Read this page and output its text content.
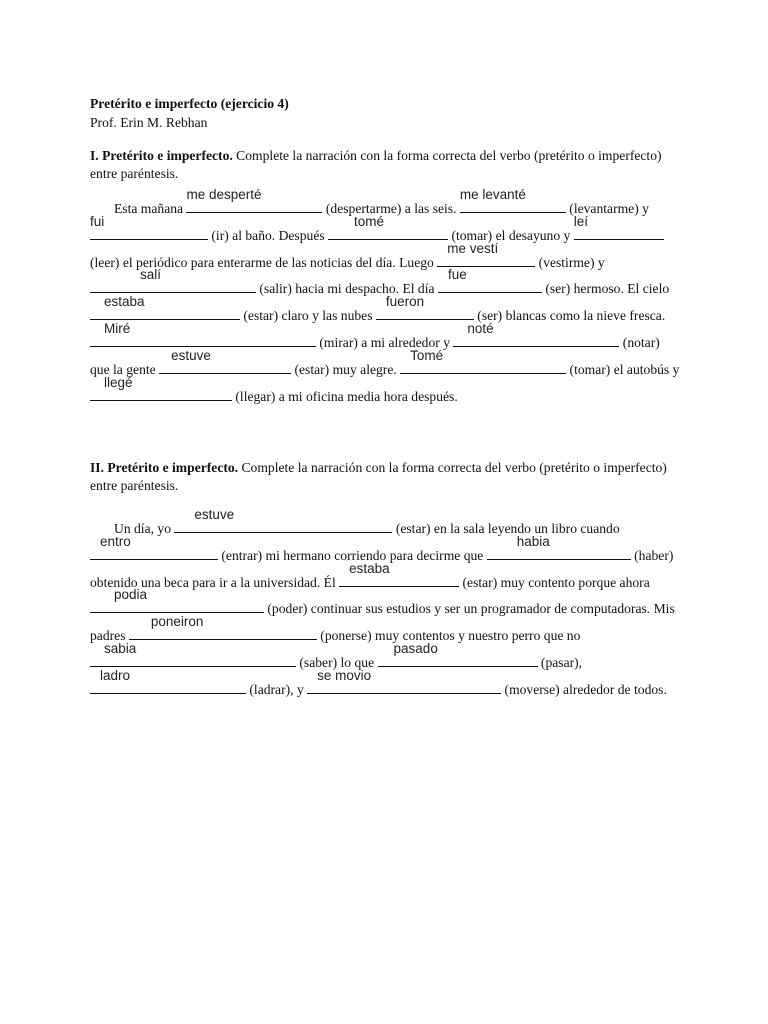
Pretérito e imperfecto (ejercicio 4)
Prof. Erin M. Rebhan
I. Pretérito e imperfecto. Complete la narración con la forma correcta del verbo (pretérito o imperfecto) entre paréntesis.
Esta mañana
me desperté
(despertarme) a las seis.
me levanté
(levantarme) y
fui
(ir) al baño. Después
tomé
(tomar) el desayuno y
leí
(leer) el periódico para enterarme de las noticias del día. Luego
me vestí
(vestirme) y
salí
(salir) hacia mi despacho. El día
fue
(ser) hermoso. El cielo
estaba
(estar) claro y las nubes
fueron
(ser) blancas como la nieve fresca.
Miré
(mirar) a mi alrededor y
noté
(notar) que la gente
estuve
(estar) muy alegre.
Tomé
(tomar) el autobús y
llegé
(llegar) a mi oficina media hora después.
II. Pretérito e imperfecto. Complete la narración con la forma correcta del verbo (pretérito o imperfecto) entre paréntesis.
Un día, yo
estuve
(estar) en la sala leyendo un libro cuando
entro
(entrar) mi hermano corriendo para decirme que
habia
(haber) obtenido una beca para ir a la universidad. Él
estaba
(estar) muy contento porque ahora
podia
(poder) continuar sus estudios y ser un programador de computadoras. Mis padres
poneiron
(ponerse) muy contentos y nuestro perro que no
sabia
(saber) lo que
pasado
(pasar),
ladro
(ladrar), y
se movio
(moverse) alrededor de todos.
